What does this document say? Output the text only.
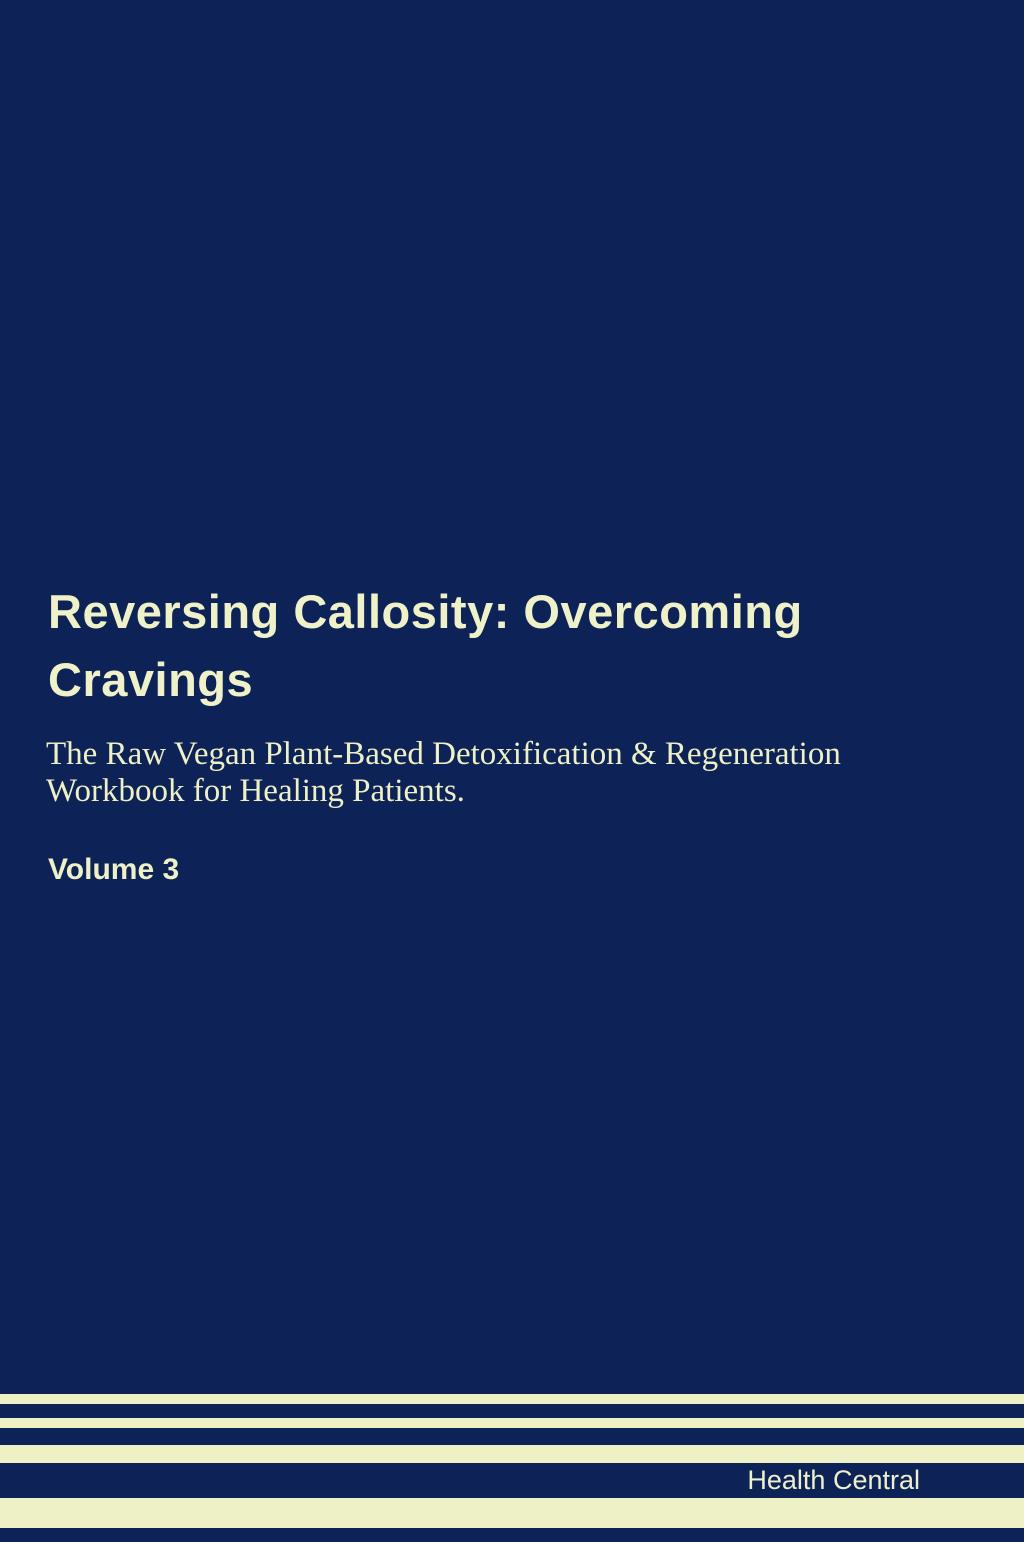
Reversing Callosity: Overcoming Cravings

The Raw Vegan Plant-Based Detoxification & Regeneration Workbook for Healing Patients.

Volume 3

Health Central
